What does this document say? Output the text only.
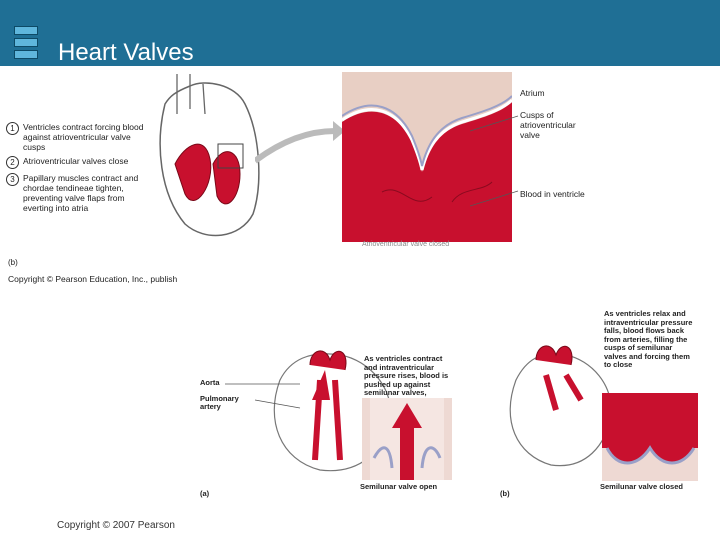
Heart Valves
Atrium
Cusps of atrioventricular valve
Blood in ventricle
Atrioventricular valve closed
1 Ventricles contract forcing blood against atrioventricular valve cusps
2 Atrioventricular valves close
3 Papillary muscles contract and chordae tendineae tighten, preventing valve flaps from everting into atria
(b)
Copyright © Pearson Education, Inc., publish
Aorta
Pulmonary artery
As ventricles contract and intraventricular pressure rises, blood is pushed up against semilunar valves,
Semilunar valve open
(a)
As ventricles relax and intraventricular pressure falls, blood flows back from arteries, filling the cusps of semilunar valves and forcing them to close
Semilunar valve closed
(b)
Copyright © 2007 Pearson
